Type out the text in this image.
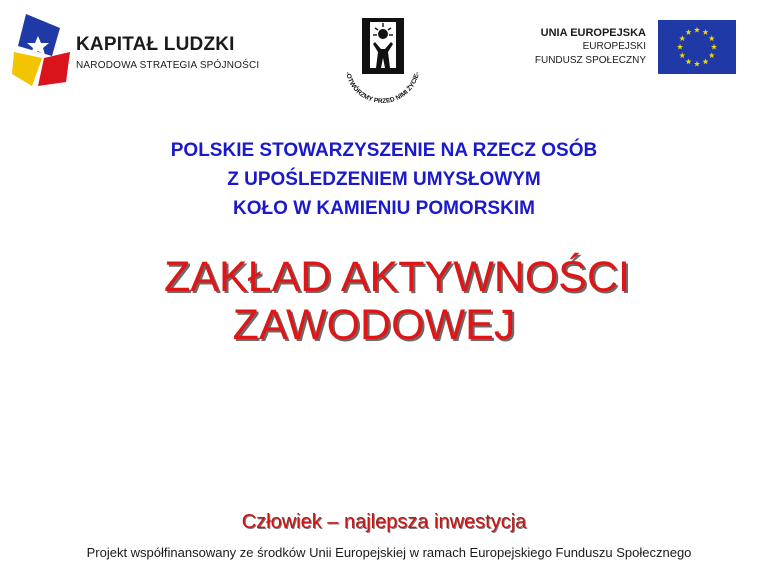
KAPITAŁ LUDZKI
NARODOWA STRATEGIA SPÓJNOŚCI
-OTWÓRZMY PRZED NIMI ŻYCIE-
UNIA EUROPEJSKA
EUROPEJSKI
FUNDUSZ SPOŁECZNY
POLSKIE STOWARZYSZENIE NA RZECZ OSÓB
Z UPOŚLEDZENIEM UMYSŁOWYM
KOŁO W KAMIENIU POMORSKIM
ZAKŁAD AKTYWNOŚCI
ZAWODOWEJ
Człowiek – najlepsza inwestycja
Projekt współfinansowany ze środków Unii Europejskiej w ramach Europejskiego Funduszu Społecznego
